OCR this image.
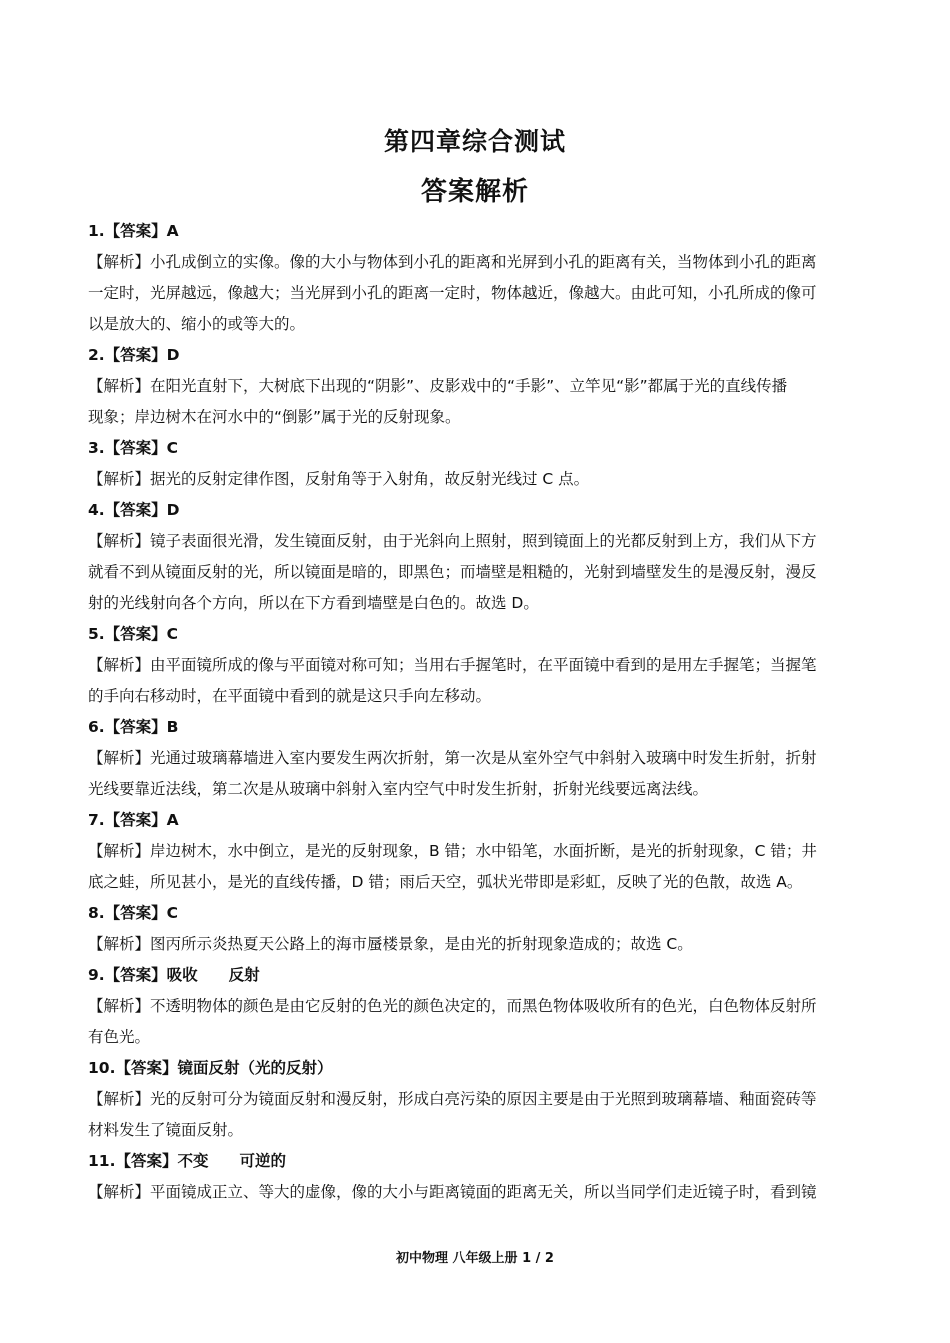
第四章综合测试
答案解析
1.【答案】A
【解析】小孔成倒立的实像。像的大小与物体到小孔的距离和光屏到小孔的距离有关，当物体到小孔的距离
一定时，光屏越远，像越大；当光屏到小孔的距离一定时，物体越近，像越大。由此可知，小孔所成的像可
以是放大的、缩小的或等大的。
2.【答案】D
【解析】在阳光直射下，大树底下出现的“阴影”、皮影戏中的“手影”、立竿见“影”都属于光的直线传播
现象；岸边树木在河水中的“倒影”属于光的反射现象。
3.【答案】C
【解析】据光的反射定律作图，反射角等于入射角，故反射光线过 C 点。
4.【答案】D
【解析】镜子表面很光滑，发生镜面反射，由于光斜向上照射，照到镜面上的光都反射到上方，我们从下方
就看不到从镜面反射的光，所以镜面是暗的，即黑色；而墙壁是粗糙的，光射到墙壁发生的是漫反射，漫反
射的光线射向各个方向，所以在下方看到墙壁是白色的。故选 D。
5.【答案】C
【解析】由平面镜所成的像与平面镜对称可知；当用右手握笔时，在平面镜中看到的是用左手握笔；当握笔
的手向右移动时，在平面镜中看到的就是这只手向左移动。
6.【答案】B
【解析】光通过玻璃幕墙进入室内要发生两次折射，第一次是从室外空气中斜射入玻璃中时发生折射，折射
光线要靠近法线，第二次是从玻璃中斜射入室内空气中时发生折射，折射光线要远离法线。
7.【答案】A
【解析】岸边树木，水中倒立，是光的反射现象，B 错；水中铅笔，水面折断，是光的折射现象，C 错；井
底之蛙，所见甚小，是光的直线传播，D 错；雨后天空，弧状光带即是彩虹，反映了光的色散，故选 A。
8.【答案】C
【解析】图丙所示炎热夏天公路上的海市蜃楼景象，是由光的折射现象造成的；故选 C。
9.【答案】吸收　　反射
【解析】不透明物体的颜色是由它反射的色光的颜色决定的，而黑色物体吸收所有的色光，白色物体反射所
有色光。
10.【答案】镜面反射（光的反射）
【解析】光的反射可分为镜面反射和漫反射，形成白亮污染的原因主要是由于光照到玻璃幕墙、釉面瓷砖等
材料发生了镜面反射。
11.【答案】不变　　可逆的
【解析】平面镜成正立、等大的虚像，像的大小与距离镜面的距离无关，所以当同学们走近镜子时，看到镜
初中物理 八年级上册 1 / 2
